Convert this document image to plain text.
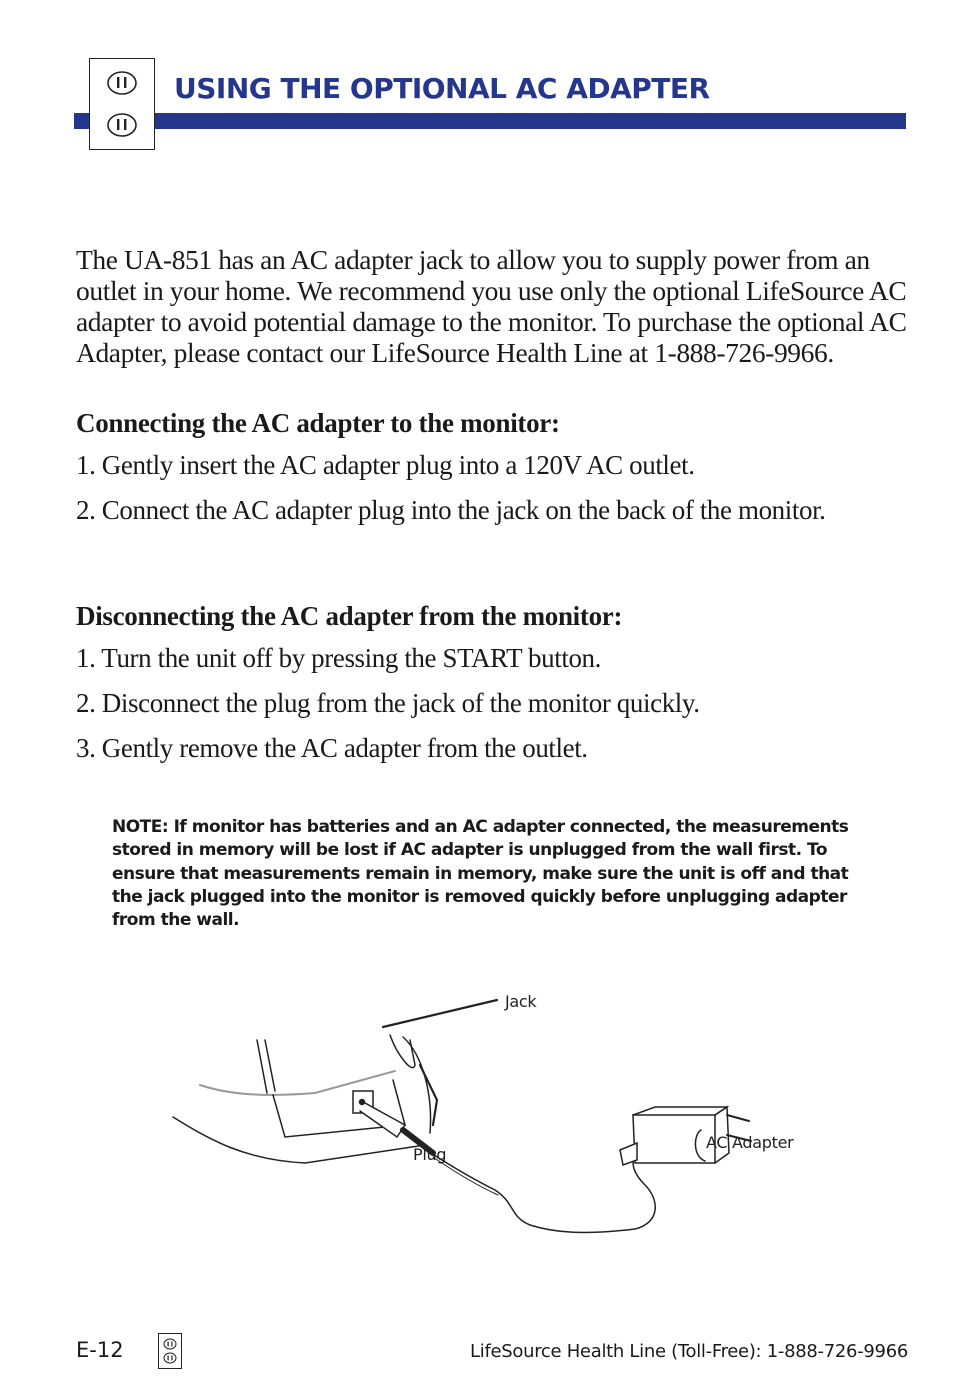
USING THE OPTIONAL AC ADAPTER

The UA-851 has an AC adapter jack to allow you to supply power from an outlet in your home. We recommend you use only the optional LifeSource AC adapter to avoid potential damage to the monitor. To purchase the optional AC Adapter, please contact our LifeSource Health Line at 1-888-726-9966.

Connecting the AC adapter to the monitor:

1. Gently insert the AC adapter plug into a 120V AC outlet.

2. Connect the AC adapter plug into the jack on the back of the monitor.

Disconnecting the AC adapter from the monitor:

1. Turn the unit off by pressing the START button.

2. Disconnect the plug from the jack of the monitor quickly.

3. Gently remove the AC adapter from the outlet.

NOTE: If monitor has batteries and an AC adapter connected, the measurements stored in memory will be lost if AC adapter is unplugged from the wall first. To ensure that measurements remain in memory, make sure the unit is off and that the jack plugged into the monitor is removed quickly before unplugging adapter from the wall.

Jack
Plug
AC Adapter

E-12	LifeSource Health Line (Toll-Free): 1-888-726-9966
